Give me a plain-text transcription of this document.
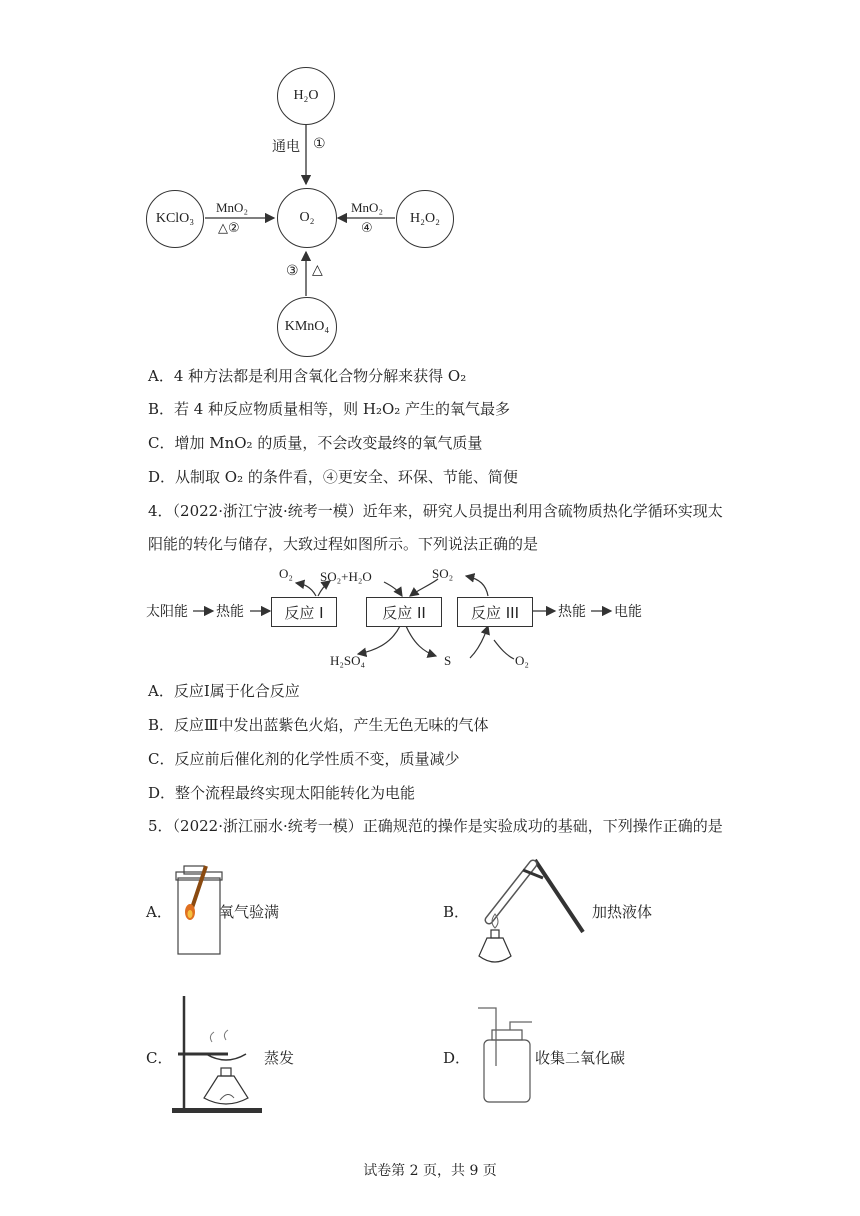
H₂O
O₂
KClO₃	H₂O₂
KMnO₄
通电 ①
MnO₂
△②
MnO₂
④
③ △
A．4 种方法都是利用含氧化合物分解来获得 O₂
B．若 4 种反应物质量相等，则 H₂O₂ 产生的氧气最多
C．增加 MnO₂ 的质量，不会改变最终的氧气质量
D．从制取 O₂ 的条件看，④更安全、环保、节能、简便
4．（2022·浙江宁波·统考一模）近年来，研究人员提出利用含硫物质热化学循环实现太
阳能的转化与储存，大致过程如图所示。下列说法正确的是
太阳能 热能	反应 I	反应 II	反应 III	热能 电能
O₂ SO₂+H₂O	SO₂
H₂SO₄	S	O₂
A．反应Ⅰ属于化合反应
B．反应Ⅲ中发出蓝紫色火焰，产生无色无味的气体
C．反应前后催化剂的化学性质不变，质量减少
D．整个流程最终实现太阳能转化为电能
5．（2022·浙江丽水·统考一模）正确规范的操作是实验成功的基础，下列操作正确的是
A．	氧气验满	B．	加热液体
C．	蒸发	D．	收集二氧化碳
试卷第 2 页，共 9 页
